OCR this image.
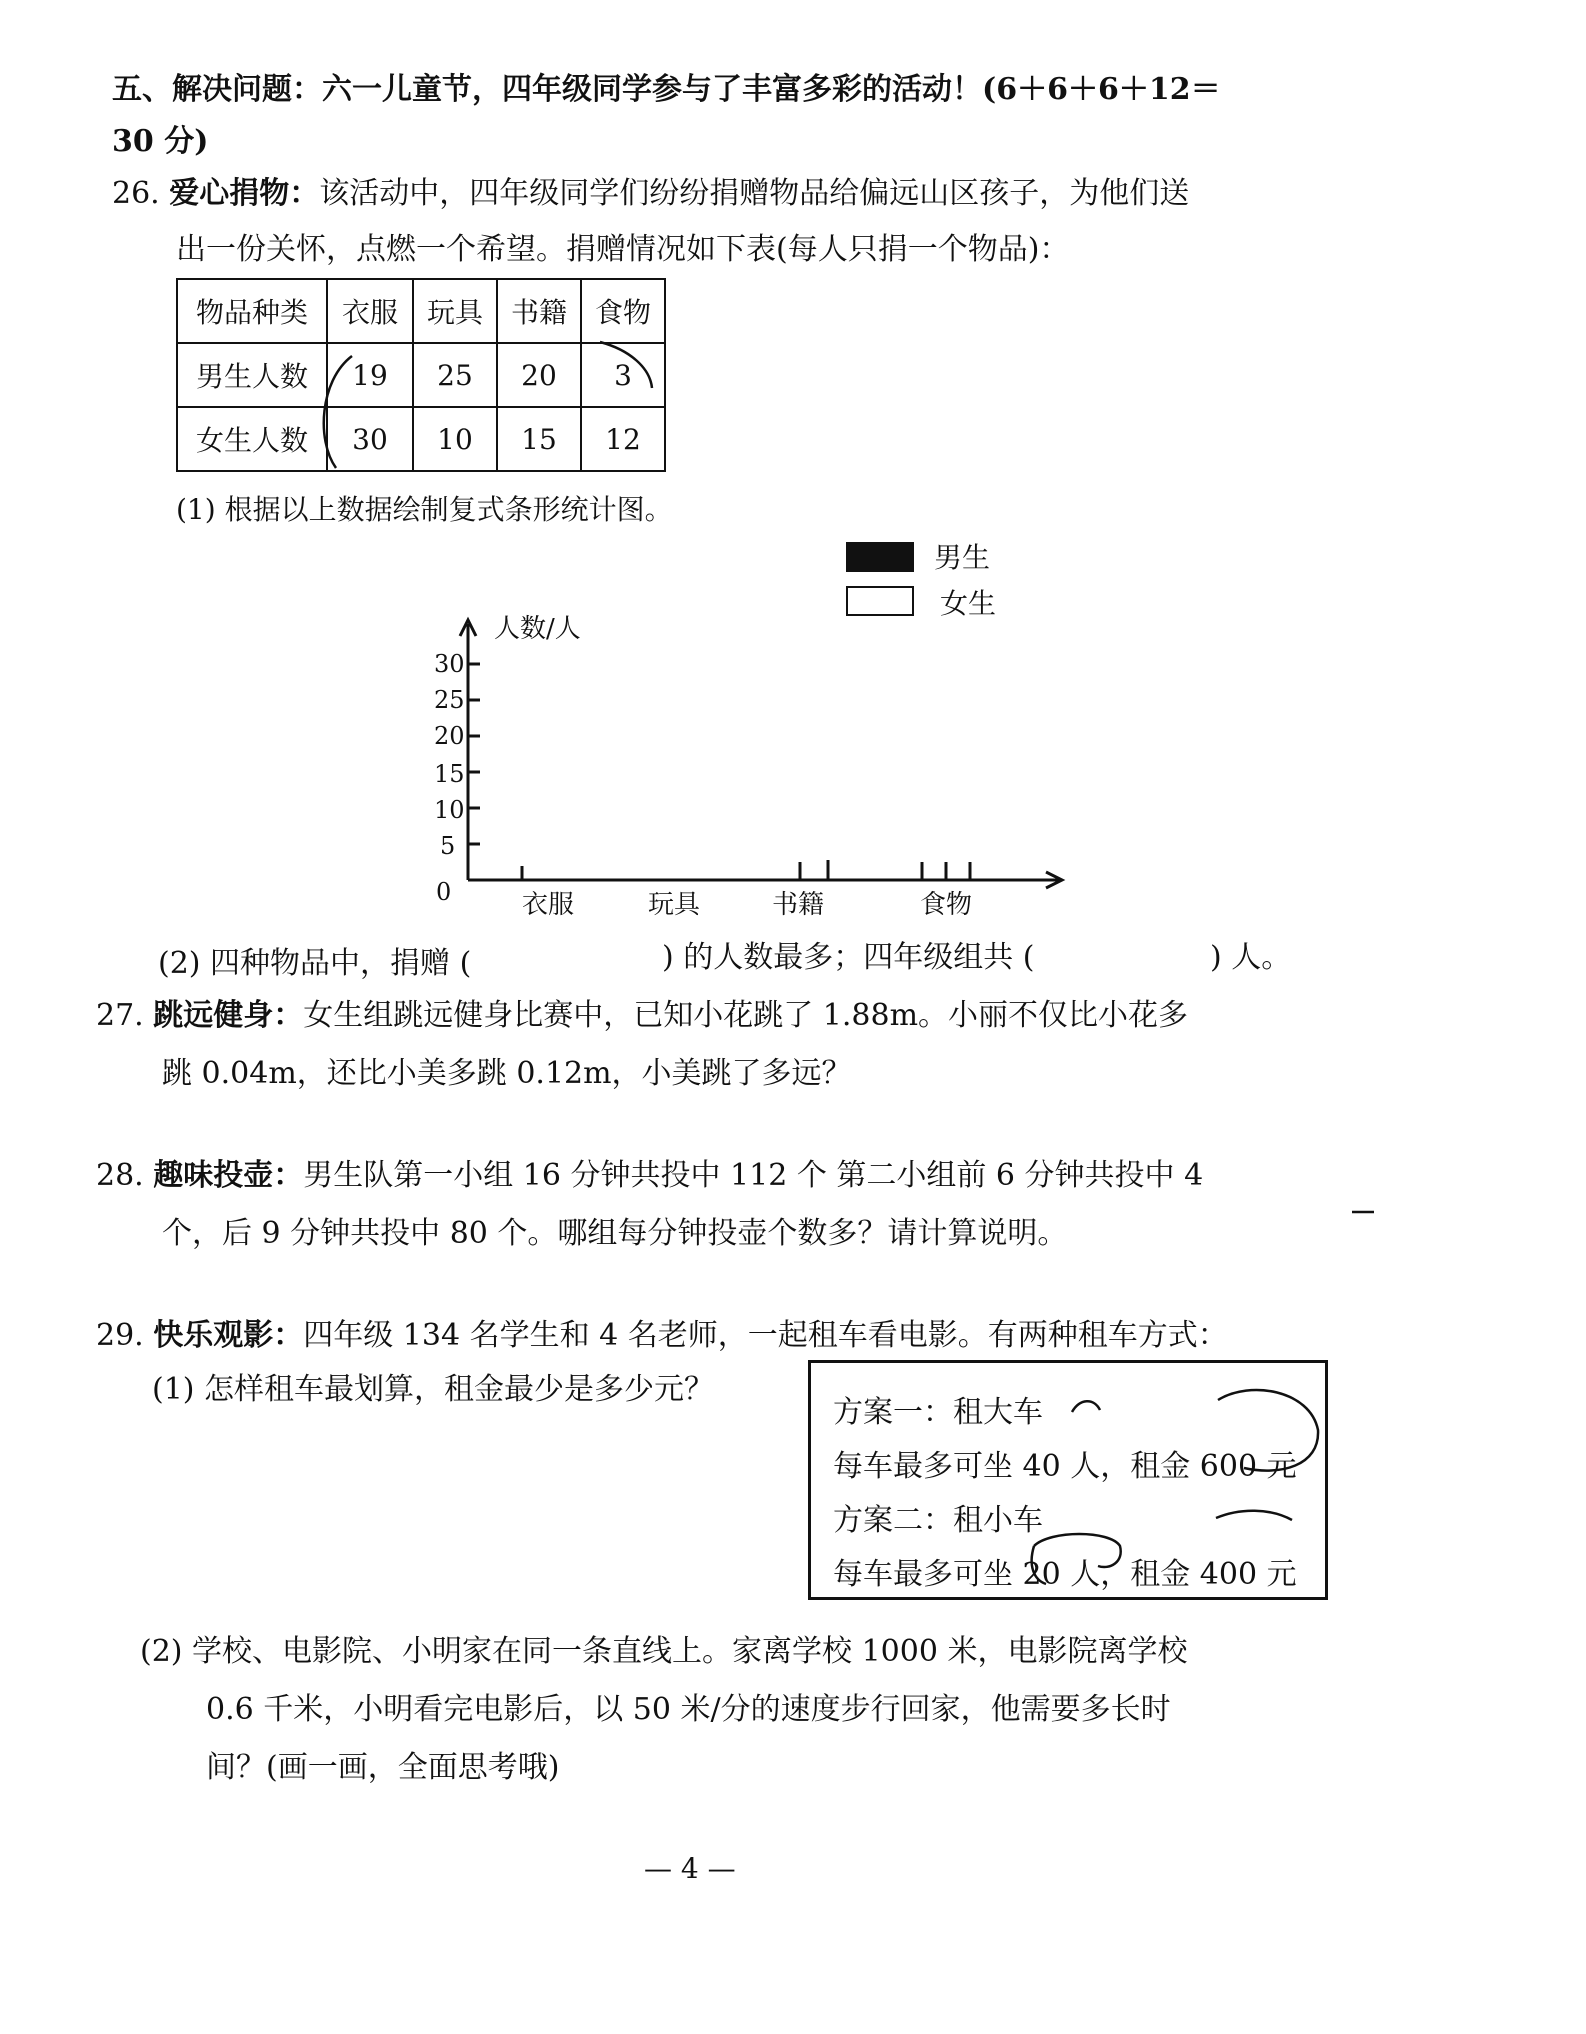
五、解决问题：六一儿童节，四年级同学参与了丰富多彩的活动！(6＋6＋6＋12＝
30 分)
26. 爱心捐物：该活动中，四年级同学们纷纷捐赠物品给偏远山区孩子，为他们送
出一份关怀，点燃一个希望。捐赠情况如下表(每人只捐一个物品)：
物品种类	衣服	玩具	书籍	食物
男生人数	19	25	20	3
女生人数	30	10	15	12
(1) 根据以上数据绘制复式条形统计图。
男生
女生
人数/人
30
25
20
15
10
5
0	衣服	玩具	书籍	食物
(2) 四种物品中，捐赠 (	) 的人数最多；四年级组共 (	) 人。
27. 跳远健身：女生组跳远健身比赛中，已知小花跳了 1.88m。小丽不仅比小花多
跳 0.04m，还比小美多跳 0.12m，小美跳了多远？
28. 趣味投壶：男生队第一小组 16 分钟共投中 112 个 第二小组前 6 分钟共投中 4
个，后 9 分钟共投中 80 个。哪组每分钟投壶个数多？请计算说明。
29. 快乐观影：四年级 134 名学生和 4 名老师，一起租车看电影。有两种租车方式：
(1) 怎样租车最划算，租金最少是多少元？
方案一：租大车
每车最多可坐 40 人，租金 600 元
方案二：租小车
每车最多可坐 20 人，租金 400 元
(2) 学校、电影院、小明家在同一条直线上。家离学校 1000 米，电影院离学校
0.6 千米，小明看完电影后，以 50 米/分的速度步行回家，他需要多长时
间？(画一画，全面思考哦)
— 4 —
